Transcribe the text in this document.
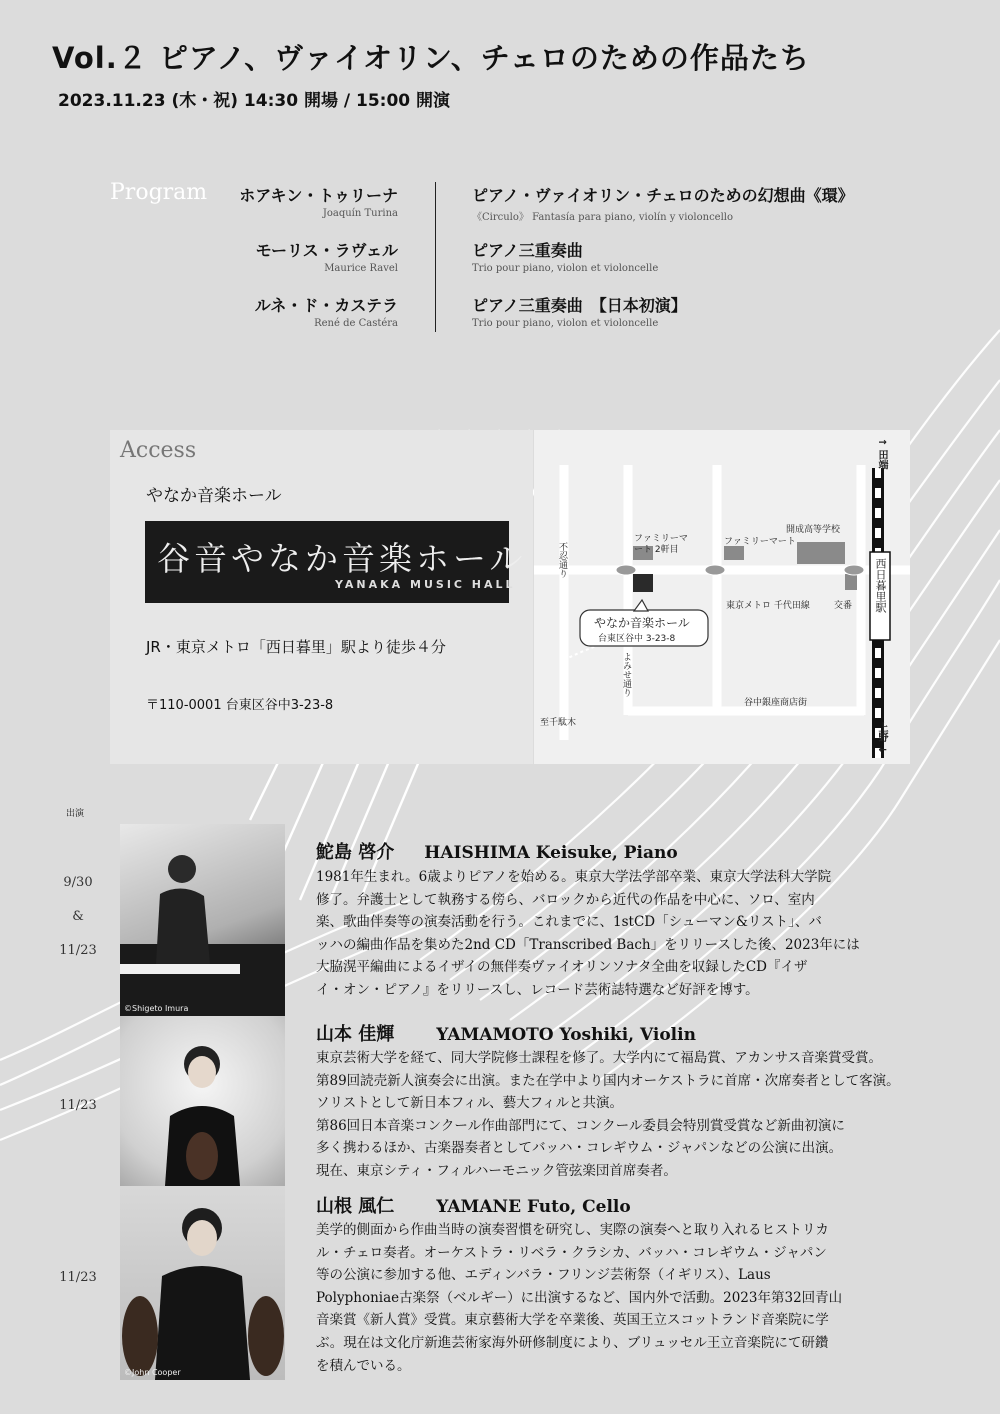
Vol.２ ピアノ、ヴァイオリン、チェロのための作品たち
2023.11.23 (木・祝) 14:30 開場 / 15:00 開演
Program ホアキン・トゥリーナ
Joaquín Turina
モーリス・ラヴェル
Maurice Ravel
ルネ・ド・カステラ
René de Castéra
ピアノ・ヴァイオリン・チェロのための幻想曲《環》
《Circulo》 Fantasía para piano, violín y violoncello
ピアノ三重奏曲
Trio pour piano, violon et violoncelle
ピアノ三重奏曲　【日本初演】
Trio pour piano, violon et violoncelle
Access
やなか音楽ホール
谷音やなか音楽ホール
YANAKA MUSIC HALL
JR・東京メトロ「西日暮里」駅より徒歩４分
〒110-0001 台東区谷中3-23-8
↑ 田端
上野 ↓
西日暮里駅
不忍通り
ファミリーマート 2軒目
ファミリーマート
開成高等学校
東京メトロ 千代田線	交番
やなか音楽ホール
台東区谷中 3-23-8
よみせ通り
谷中銀座商店街
至千駄木
出演
9/30
&
11/23
©Shigeto Imura
鮀島 啓介 HAISHIMA Keisuke, Piano
1981年生まれ。6歳よりピアノを始める。東京大学法学部卒業、東京大学法科大学院
修了。弁護士として執務する傍ら、バロックから近代の作品を中心に、ソロ、室内
楽、歌曲伴奏等の演奏活動を行う。これまでに、1stCD「シューマン&リスト」、バ
ッハの編曲作品を集めた2nd CD「Transcribed Bach」をリリースした後、2023年には
大脇滉平編曲によるイザイの無伴奏ヴァイオリンソナタ全曲を収録したCD『イザ
イ・オン・ピアノ』をリリースし、レコード芸術誌特選など好評を博す。
11/23
山本 佳輝 YAMAMOTO Yoshiki, Violin
東京芸術大学を経て、同大学院修士課程を修了。大学内にて福島賞、アカンサス音楽賞受賞。
第89回読売新人演奏会に出演。また在学中より国内オーケストラに首席・次席奏者として客演。
ソリストとして新日本フィル、藝大フィルと共演。
第86回日本音楽コンクール作曲部門にて、コンクール委員会特別賞受賞など新曲初演に
多く携わるほか、古楽器奏者としてバッハ・コレギウム・ジャパンなどの公演に出演。
現在、東京シティ・フィルハーモニック管弦楽団首席奏者。
11/23
©John Cooper
山根 風仁 YAMANE Futo, Cello
美学的側面から作曲当時の演奏習慣を研究し、実際の演奏へと取り入れるヒストリカ
ル・チェロ奏者。オーケストラ・リベラ・クラシカ、バッハ・コレギウム・ジャパン
等の公演に参加する他、エディンバラ・フリンジ芸術祭（イギリス）、Laus
Polyphoniae古楽祭（ベルギー）に出演するなど、国内外で活動。2023年第32回青山
音楽賞《新人賞》受賞。東京藝術大学を卒業後、英国王立スコットランド音楽院に学
ぶ。現在は文化庁新進芸術家海外研修制度により、ブリュッセル王立音楽院にて研鑽
を積んでいる。
